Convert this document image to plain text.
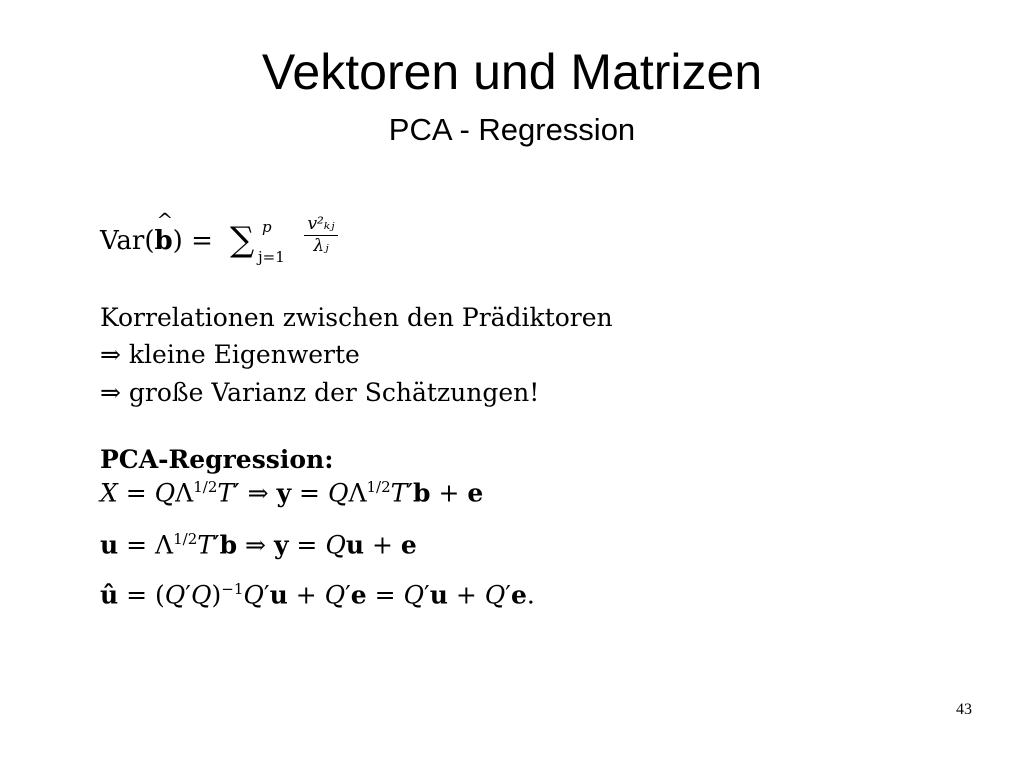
Vektoren und Matrizen
PCA - Regression
Var(
^
b) = ∑ p
j=1
$\frac{\text{v²ₖⱼ}}{\text{λⱼ}}$
Korrelationen zwischen den Prädiktoren
⇒ kleine Eigenwerte
⇒ große Varianz der Schätzungen!
PCA-Regression:
$X = Q\Lambda^{1/2}T'$ ⇒ $y = Q\Lambda^{1/2}T'b + e$
$u = \Lambda^{1/2}T'b$ ⇒ y = Qu + e
û = $(Q'Q)^{-1}Q'u + Q'e = Q'u + Q'e$.
43
